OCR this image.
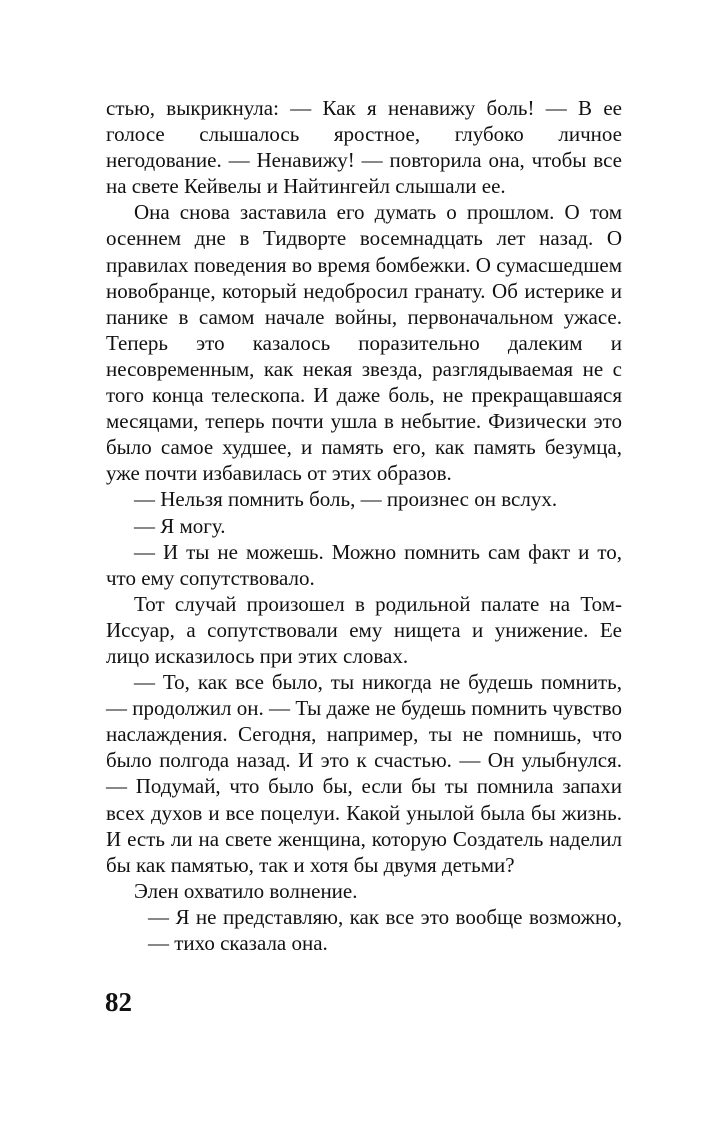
стью, выкрикнула: — Как я ненавижу боль! — В ее голосе слышалось яростное, глубоко личное негодование. — Ненавижу! — повторила она, чтобы все на свете Кейвелы и Найтингейл слышали ее.

Она снова заставила его думать о прошлом. О том осеннем дне в Тидворте восемнадцать лет назад. О правилах поведения во время бомбежки. О сумасшедшем новобранце, который недобросил гранату. Об истерике и панике в самом начале войны, первоначальном ужасе. Теперь это казалось поразительно далеким и несовременным, как некая звезда, разглядываемая не с того конца телескопа. И даже боль, не прекращавшаяся месяцами, теперь почти ушла в небытие. Физически это было самое худшее, и память его, как память безумца, уже почти избавилась от этих образов.

— Нельзя помнить боль, — произнес он вслух.

— Я могу.

— И ты не можешь. Можно помнить сам факт и то, что ему сопутствовало.

Тот случай произошел в родильной палате на Том-Иссуар, а сопутствовали ему нищета и унижение. Ее лицо исказилось при этих словах.

— То, как все было, ты никогда не будешь помнить, — продолжил он. — Ты даже не будешь помнить чувство наслаждения. Сегодня, например, ты не помнишь, что было полгода назад. И это к счастью. — Он улыбнулся. — Подумай, что было бы, если бы ты помнила запахи всех духов и все поцелуи. Какой унылой была бы жизнь. И есть ли на свете женщина, которую Создатель наделил бы как памятью, так и хотя бы двумя детьми?

Элен охватило волнение.

— Я не представляю, как все это вообще возможно, — тихо сказала она.

82
